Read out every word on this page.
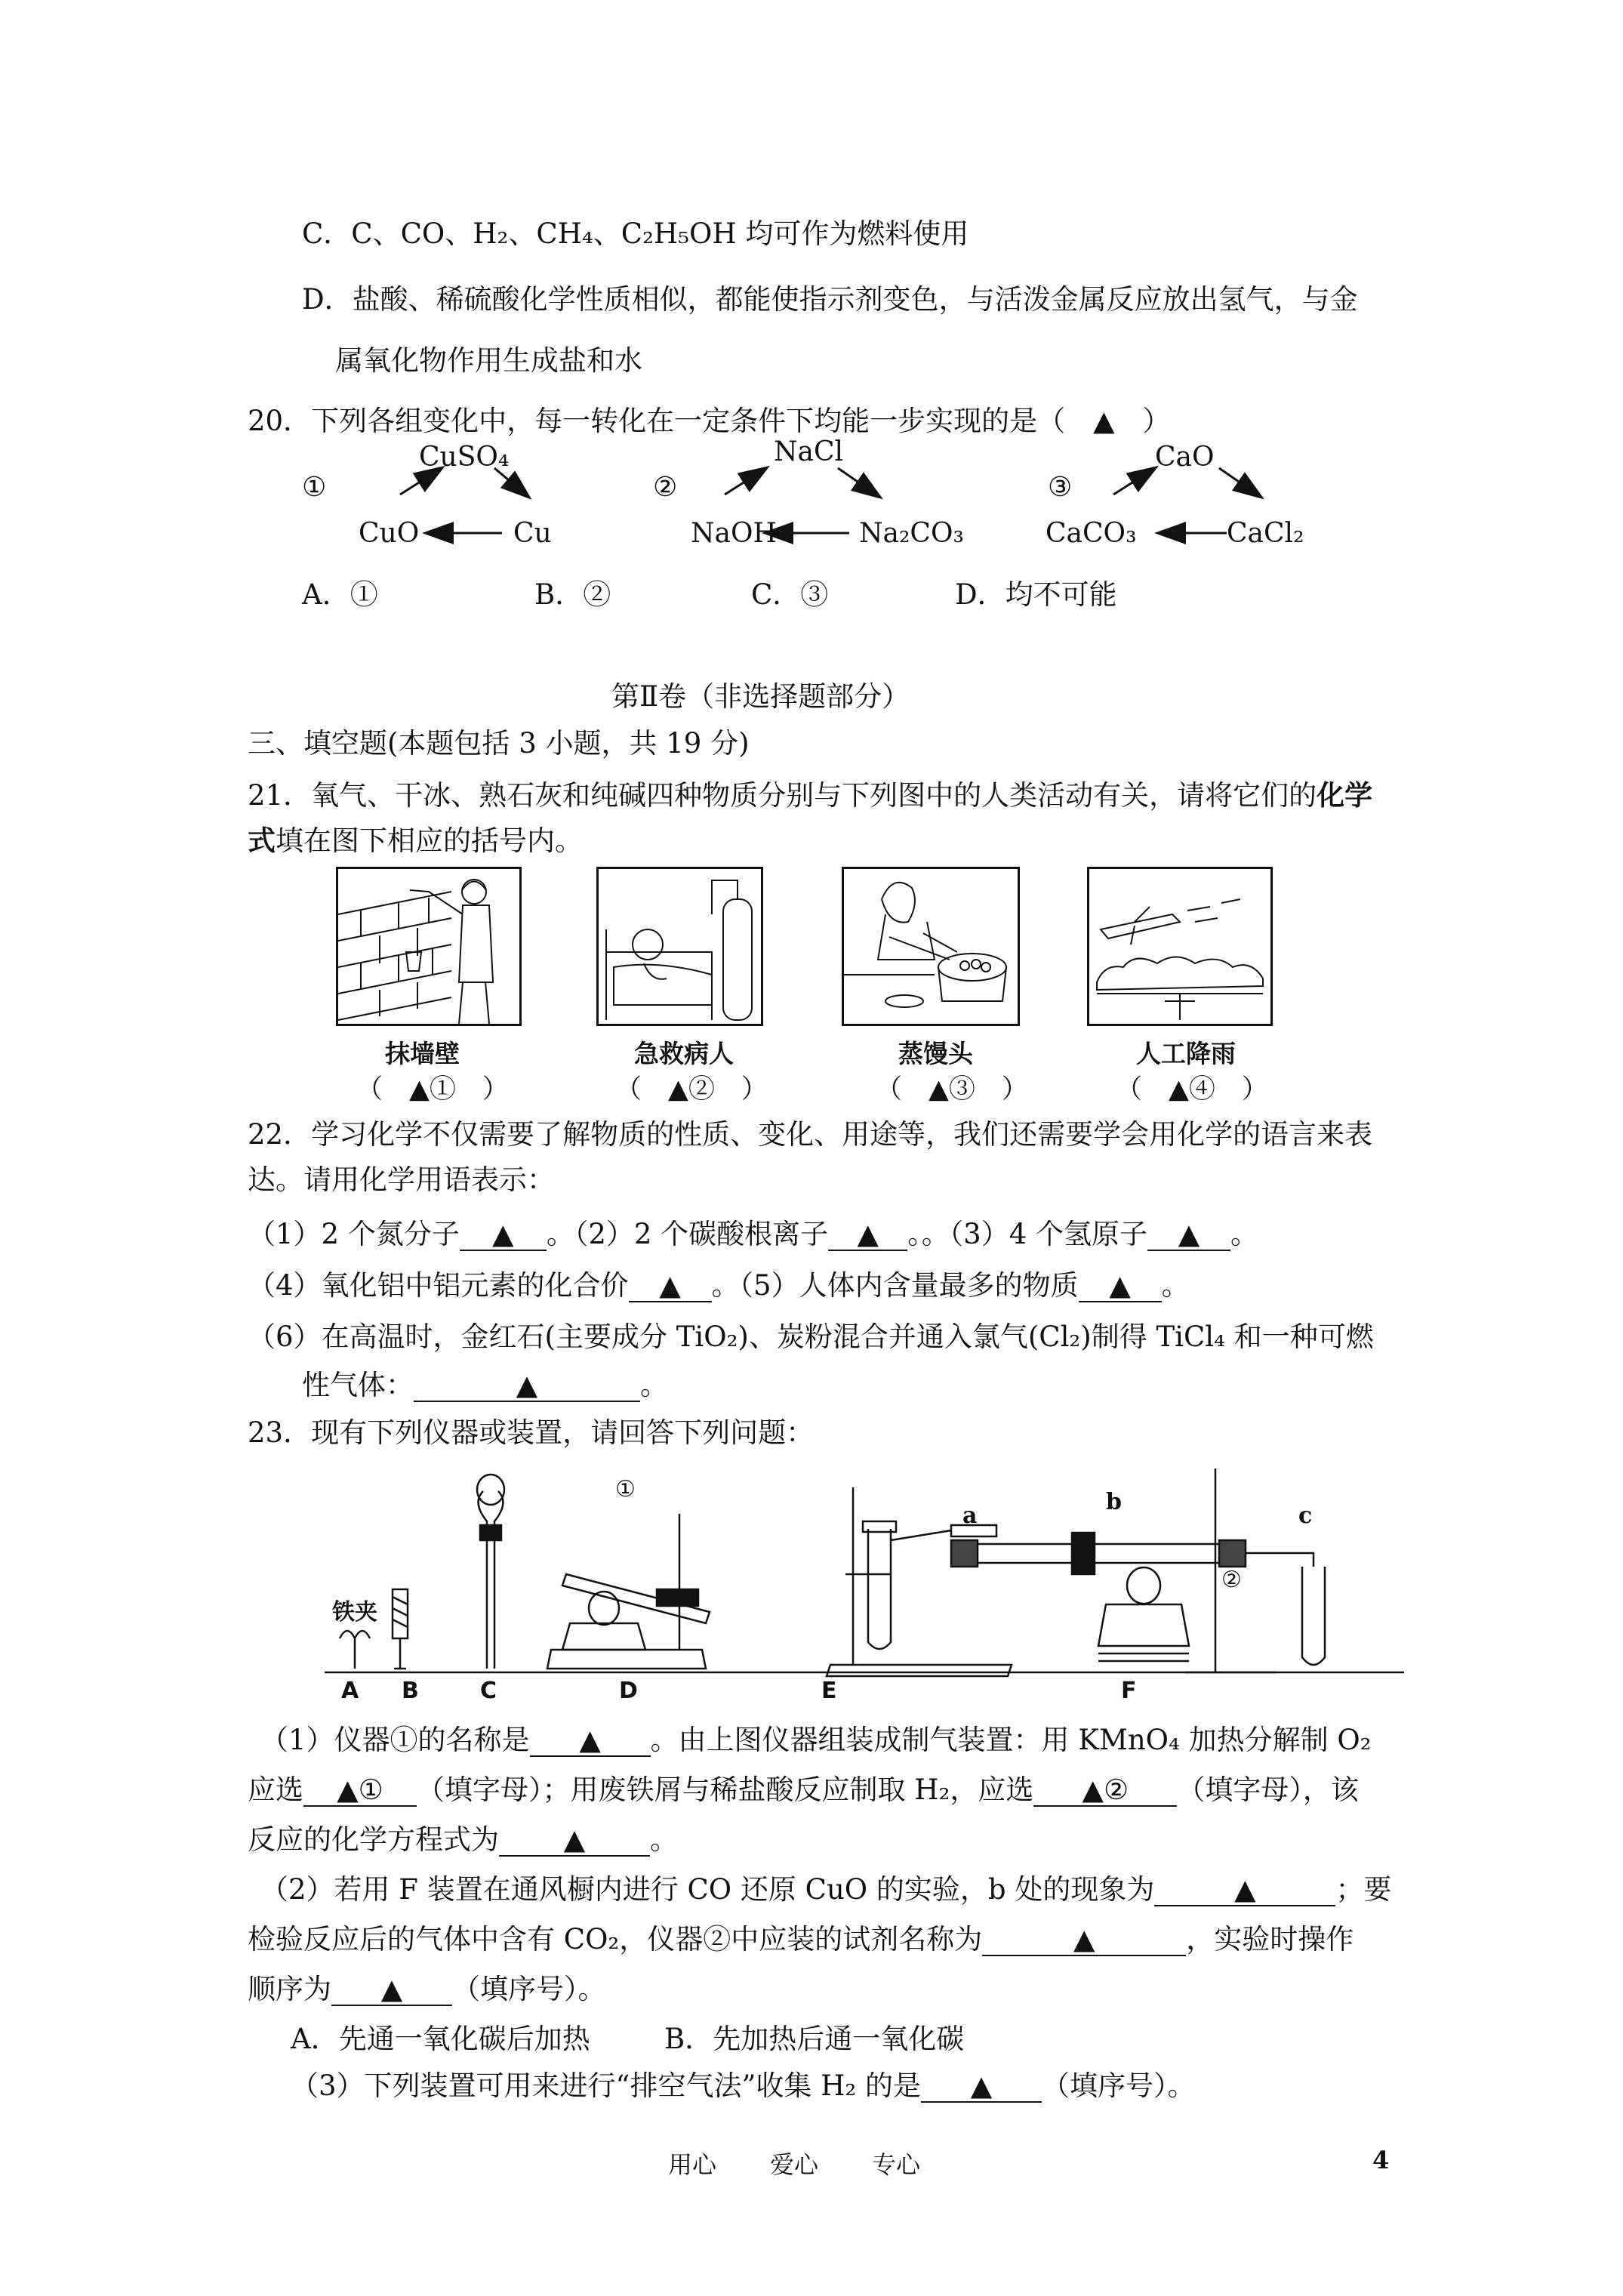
C．C、CO、H₂、CH₄、C₂H₅OH 均可作为燃料使用
D．盐酸、稀硫酸化学性质相似，都能使指示剂变色，与活泼金属反应放出氢气，与金
属氧化物作用生成盐和水
20．下列各组变化中，每一转化在一定条件下均能一步实现的是（　▲　）
①
CuSO₄
CuO	Cu
②
NaCl
NaOH	Na₂CO₃
③
CaO
CaCO₃	CaCl₂
A．①	B．②	C．③	D．均不可能
第Ⅱ卷（非选择题部分）
三、填空题(本题包括 3 小题，共 19 分)
21．氧气、干冰、熟石灰和纯碱四种物质分别与下列图中的人类活动有关，请将它们的化学
式填在图下相应的括号内。
抹墙壁
（　▲①　）
急救病人
（　▲②　）
蒸馒头
（　▲③　）
人工降雨
（　▲④　）
22．学习化学不仅需要了解物质的性质、变化、用途等，我们还需要学会用化学的语言来表
达。请用化学用语表示：
（1）2 个氮分子 ▲ 。（2）2 个碳酸根离子 ▲ 。。（3）4 个氢原子 ▲ 。
（4）氧化铝中铝元素的化合价 ▲ 。（5）人体内含量最多的物质 ▲ 。
（6）在高温时，金红石(主要成分 TiO₂)、炭粉混合并通入氯气(Cl₂)制得 TiCl₄ 和一种可燃
性气体：	▲	。
23．现有下列仪器或装置，请回答下列问题：
铁夹
A B	C	D	E	F
①
②
a
b
c
（1）仪器①的名称是 ▲ 。由上图仪器组装成制气装置：用 KMnO₄ 加热分解制 O₂
应选 ▲① （填字母）；用废铁屑与稀盐酸反应制取 H₂，应选 ▲② （填字母），该
反应的化学方程式为 ▲ 。
（2）若用 F 装置在通风橱内进行 CO 还原 CuO 的实验，b 处的现象为	▲	；要
检验反应后的气体中含有 CO₂，仪器②中应装的试剂名称为	▲	，实验时操作
顺序为 ▲ （填序号）。
A．先通一氧化碳后加热	B．先加热后通一氧化碳
（3）下列装置可用来进行“排空气法”收集 H₂ 的是 ▲ （填序号）。
用心 爱心 专心	4
